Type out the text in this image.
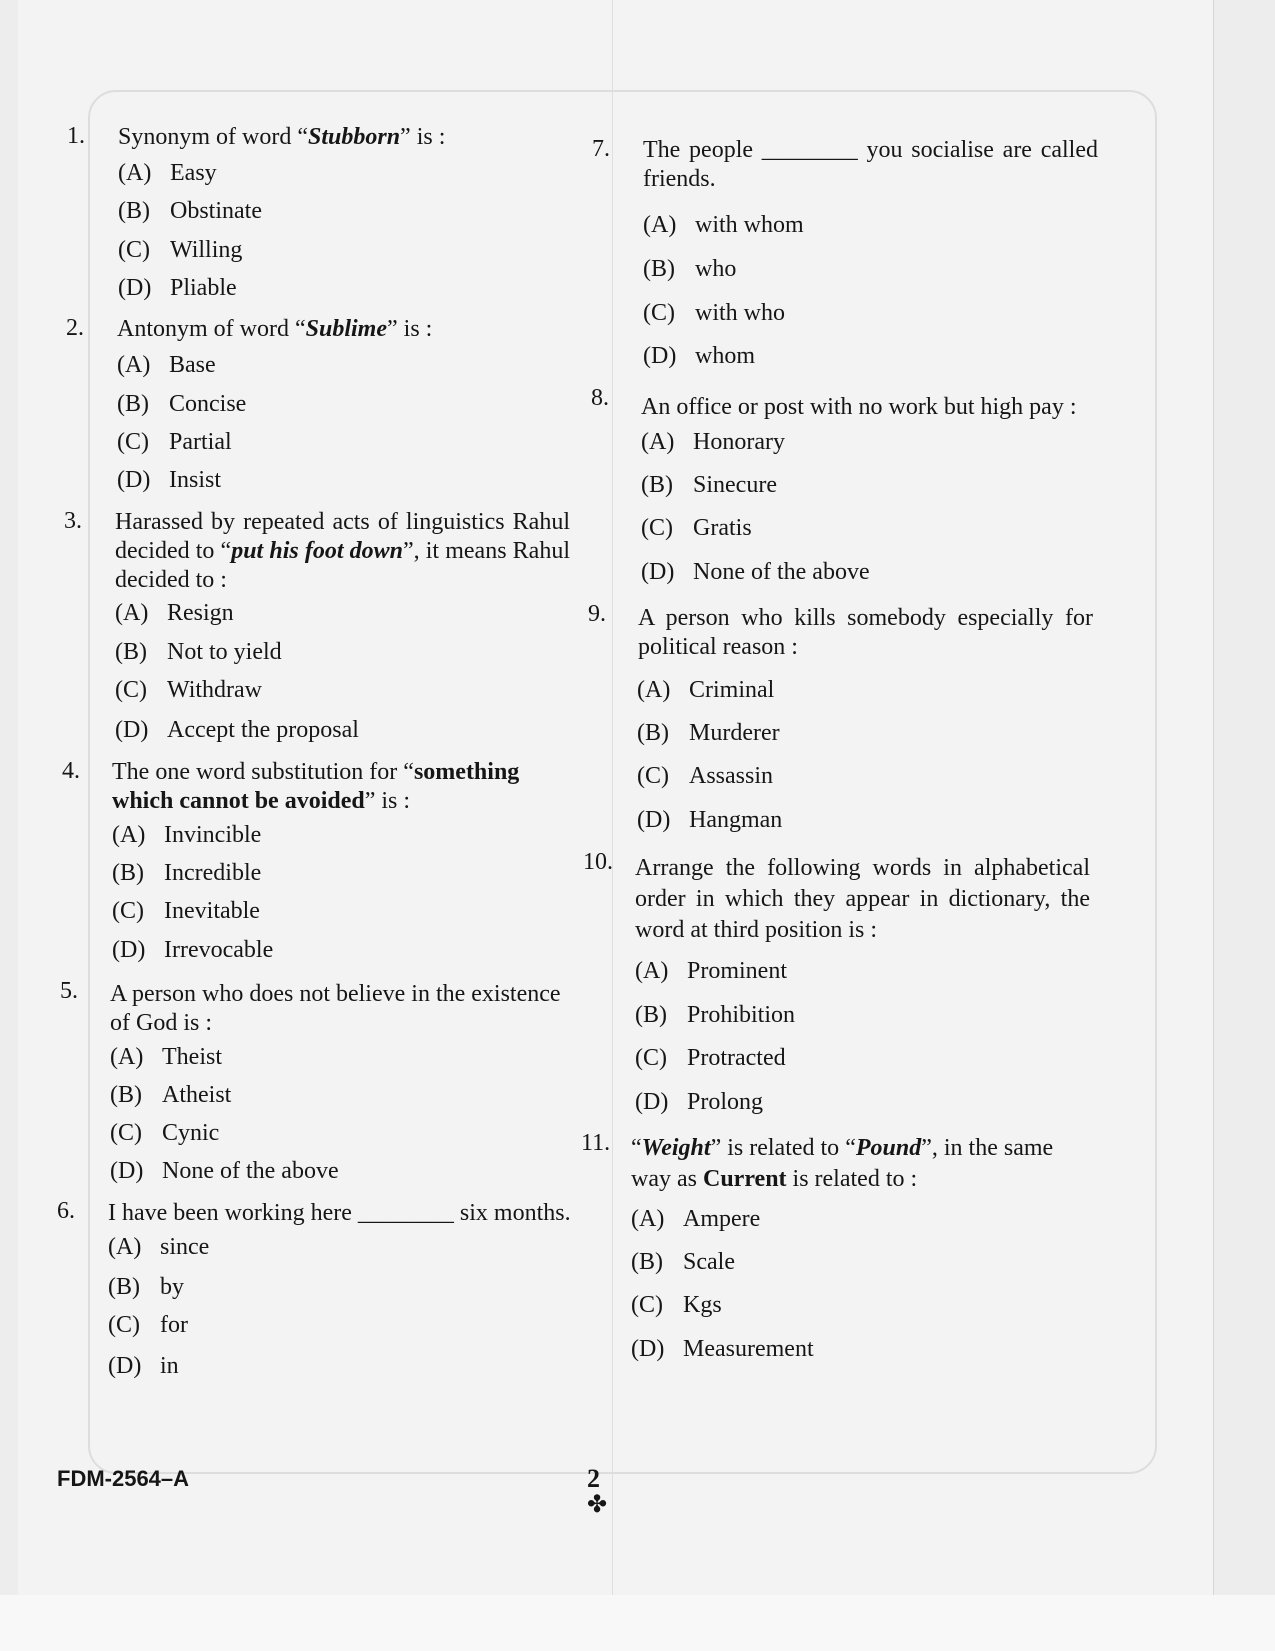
1. Synonym of word “Stubborn” is :
(A) Easy
(B) Obstinate
(C) Willing
(D) Pliable
2. Antonym of word “Sublime” is :
(A) Base
(B) Concise
(C) Partial
(D) Insist
3. Harassed by repeated acts of linguistics Rahul decided to “put his foot down”, it means Rahul decided to :
(A) Resign
(B) Not to yield
(C) Withdraw
(D) Accept the proposal
4. The one word substitution for “something which cannot be avoided” is :
(A) Invincible
(B) Incredible
(C) Inevitable
(D) Irrevocable
5. A person who does not believe in the existence of God is :
(A) Theist
(B) Atheist
(C) Cynic
(D) None of the above
6. I have been working here ________ six months.
(A) since
(B) by
(C) for
(D) in
7. The people ________ you socialise are called friends.
(A) with whom
(B) who
(C) with who
(D) whom
8. An office or post with no work but high pay :
(A) Honorary
(B) Sinecure
(C) Gratis
(D) None of the above
9. A person who kills somebody especially for political reason :
(A) Criminal
(B) Murderer
(C) Assassin
(D) Hangman
10. Arrange the following words in alphabetical order in which they appear in dictionary, the word at third position is :
(A) Prominent
(B) Prohibition
(C) Protracted
(D) Prolong
11. “Weight” is related to “Pound”, in the same way as Current is related to :
(A) Ampere
(B) Scale
(C) Kgs
(D) Measurement
FDM-2564–A	2
✤
